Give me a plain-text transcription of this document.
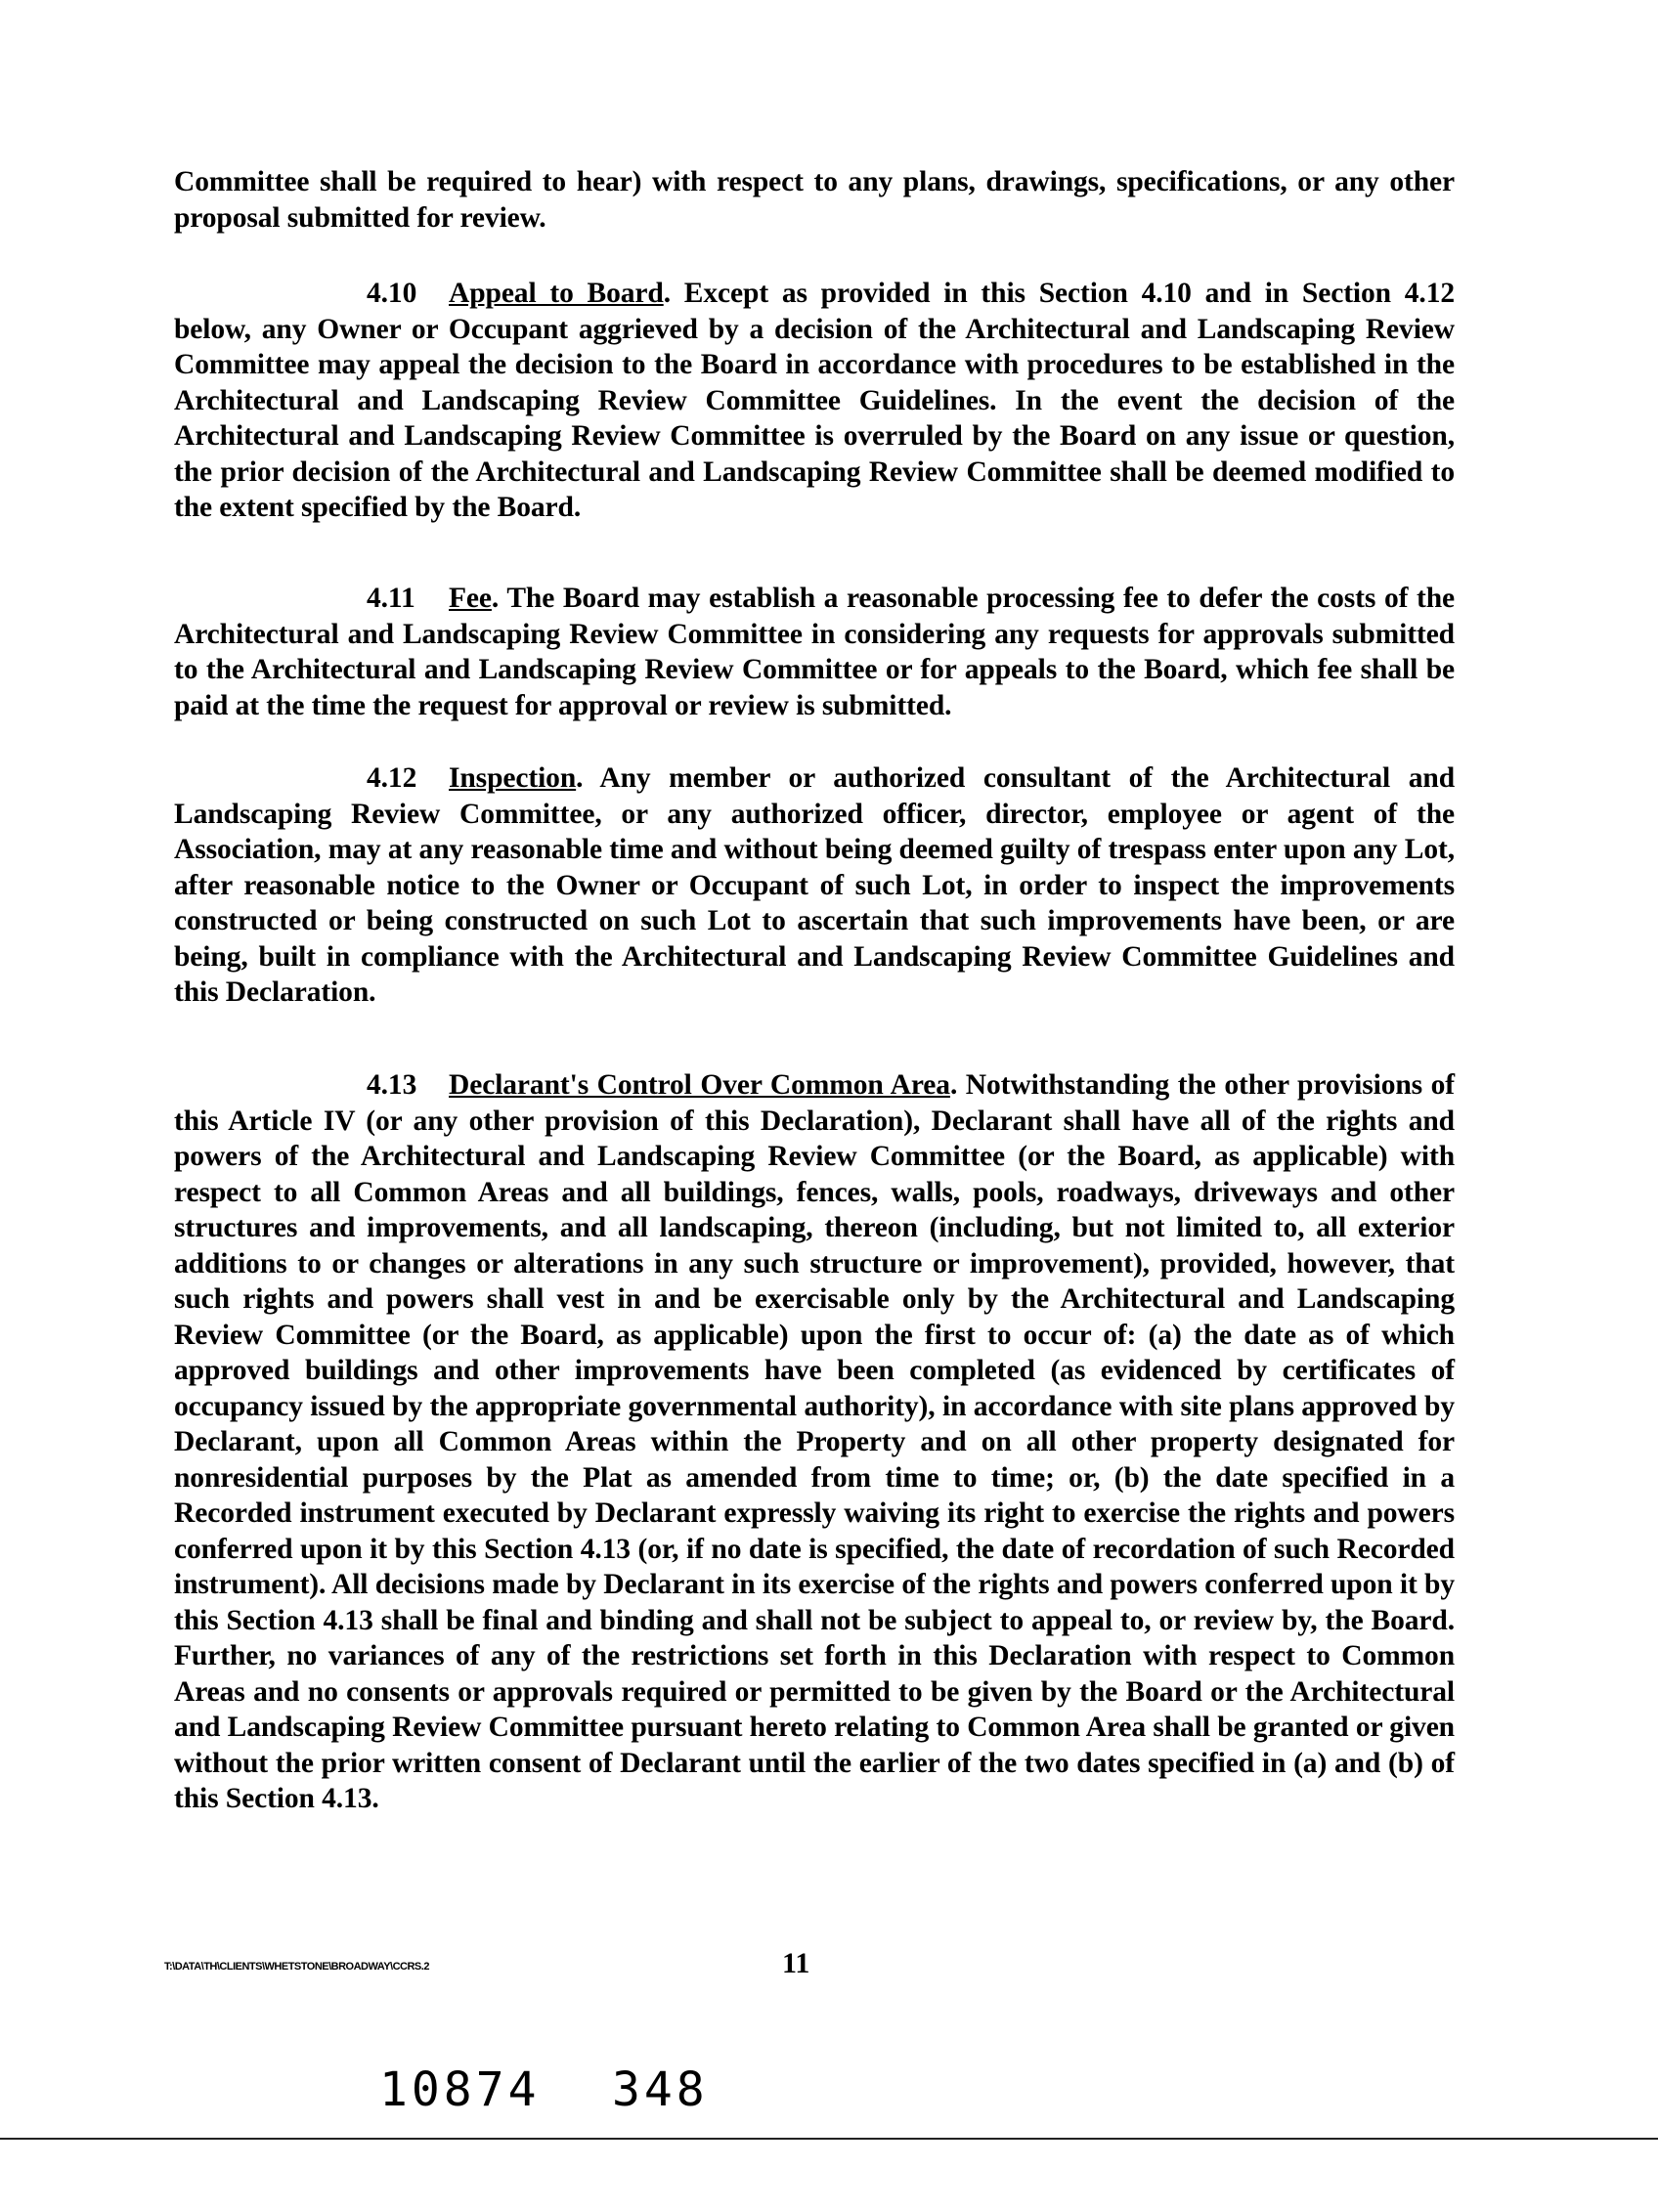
Committee shall be required to hear) with respect to any plans, drawings, specifications, or any other proposal submitted for review.
4.10 Appeal to Board. Except as provided in this Section 4.10 and in Section 4.12 below, any Owner or Occupant aggrieved by a decision of the Architectural and Landscaping Review Committee may appeal the decision to the Board in accordance with procedures to be established in the Architectural and Landscaping Review Committee Guidelines. In the event the decision of the Architectural and Landscaping Review Committee is overruled by the Board on any issue or question, the prior decision of the Architectural and Landscaping Review Committee shall be deemed modified to the extent specified by the Board.
4.11 Fee. The Board may establish a reasonable processing fee to defer the costs of the Architectural and Landscaping Review Committee in considering any requests for approvals submitted to the Architectural and Landscaping Review Committee or for appeals to the Board, which fee shall be paid at the time the request for approval or review is submitted.
4.12 Inspection. Any member or authorized consultant of the Architectural and Landscaping Review Committee, or any authorized officer, director, employee or agent of the Association, may at any reasonable time and without being deemed guilty of trespass enter upon any Lot, after reasonable notice to the Owner or Occupant of such Lot, in order to inspect the improvements constructed or being constructed on such Lot to ascertain that such improvements have been, or are being, built in compliance with the Architectural and Landscaping Review Committee Guidelines and this Declaration.
4.13 Declarant's Control Over Common Area. Notwithstanding the other provisions of this Article IV (or any other provision of this Declaration), Declarant shall have all of the rights and powers of the Architectural and Landscaping Review Committee (or the Board, as applicable) with respect to all Common Areas and all buildings, fences, walls, pools, roadways, driveways and other structures and improvements, and all landscaping, thereon (including, but not limited to, all exterior additions to or changes or alterations in any such structure or improvement), provided, however, that such rights and powers shall vest in and be exercisable only by the Architectural and Landscaping Review Committee (or the Board, as applicable) upon the first to occur of: (a) the date as of which approved buildings and other improvements have been completed (as evidenced by certificates of occupancy issued by the appropriate governmental authority), in accordance with site plans approved by Declarant, upon all Common Areas within the Property and on all other property designated for nonresidential purposes by the Plat as amended from time to time; or, (b) the date specified in a Recorded instrument executed by Declarant expressly waiving its right to exercise the rights and powers conferred upon it by this Section 4.13 (or, if no date is specified, the date of recordation of such Recorded instrument). All decisions made by Declarant in its exercise of the rights and powers conferred upon it by this Section 4.13 shall be final and binding and shall not be subject to appeal to, or review by, the Board. Further, no variances of any of the restrictions set forth in this Declaration with respect to Common Areas and no consents or approvals required or permitted to be given by the Board or the Architectural and Landscaping Review Committee pursuant hereto relating to Common Area shall be granted or given without the prior written consent of Declarant until the earlier of the two dates specified in (a) and (b) of this Section 4.13.
T:\DATA\TH\CLIENTS\WHETSTONE\BROADWAY\CCRS.2	11
10874 348
